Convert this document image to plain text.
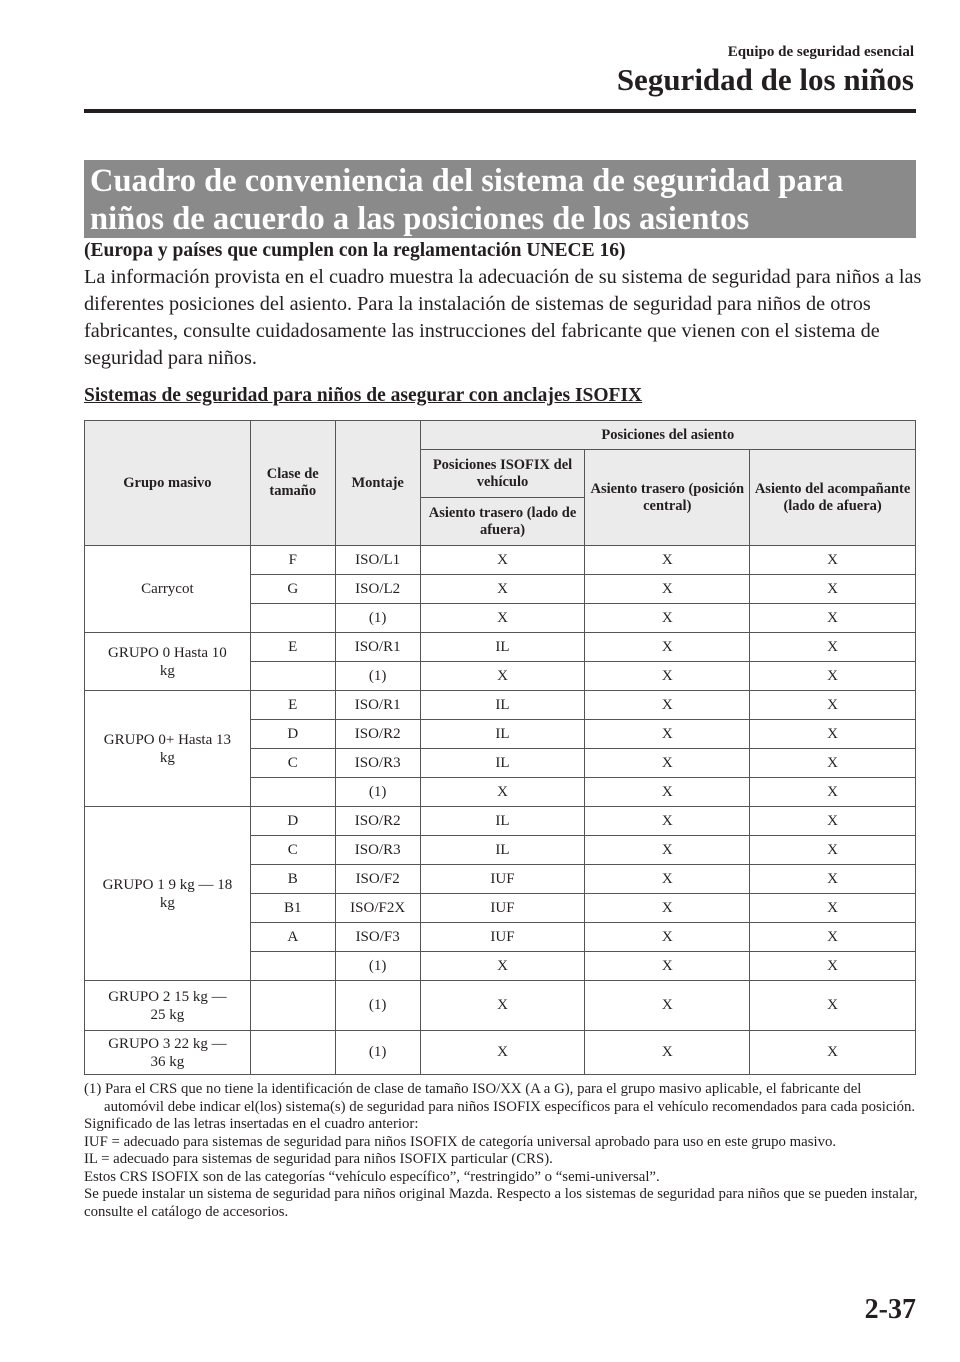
Equipo de seguridad esencial
Seguridad de los niños
Cuadro de conveniencia del sistema de seguridad para
niños de acuerdo a las posiciones de los asientos
(Europa y países que cumplen con la reglamentación UNECE 16)
La información provista en el cuadro muestra la adecuación de su sistema de seguridad para niños a las diferentes posiciones del asiento. Para la instalación de sistemas de seguridad para niños de otros fabricantes, consulte cuidadosamente las instrucciones del fabricante que vienen con el sistema de seguridad para niños.
Sistemas de seguridad para niños de asegurar con anclajes ISOFIX
Grupo masivo	Clase de tamaño	Montaje	Posiciones del asiento		
			Posiciones ISOFIX del vehículo	Asiento trasero (posición central)	Asiento del acompañante (lado de afuera)
			Asiento trasero (lado de afuera)		
Carrycot	F	ISO/L1	X	X	X
	G	ISO/L2	X	X	X
		(1)	X	X	X
GRUPO 0 Hasta 10 kg	E	ISO/R1	IL	X	X
		(1)	X	X	X
GRUPO 0+ Hasta 13 kg	E	ISO/R1	IL	X	X
	D	ISO/R2	IL	X	X
	C	ISO/R3	IL	X	X
		(1)	X	X	X
GRUPO 1 9 kg — 18 kg	D	ISO/R2	IL	X	X
	C	ISO/R3	IL	X	X
	B	ISO/F2	IUF	X	X
	B1	ISO/F2X	IUF	X	X
	A	ISO/F3	IUF	X	X
		(1)	X	X	X
GRUPO 2 15 kg — 25 kg		(1)	X	X	X
GRUPO 3 22 kg — 36 kg		(1)	X	X	X
(1) Para el CRS que no tiene la identificación de clase de tamaño ISO/XX (A a G), para el grupo masivo aplicable, el fabricante del automóvil debe indicar el(los) sistema(s) de seguridad para niños ISOFIX específicos para el vehículo recomendados para cada posición.
Significado de las letras insertadas en el cuadro anterior:
IUF = adecuado para sistemas de seguridad para niños ISOFIX de categoría universal aprobado para uso en este grupo masivo.
IL = adecuado para sistemas de seguridad para niños ISOFIX particular (CRS).
Estos CRS ISOFIX son de las categorías “vehículo específico”, “restringido” o “semi-universal”.
Se puede instalar un sistema de seguridad para niños original Mazda. Respecto a los sistemas de seguridad para niños que se pueden instalar, consulte el catálogo de accesorios.
2-37
